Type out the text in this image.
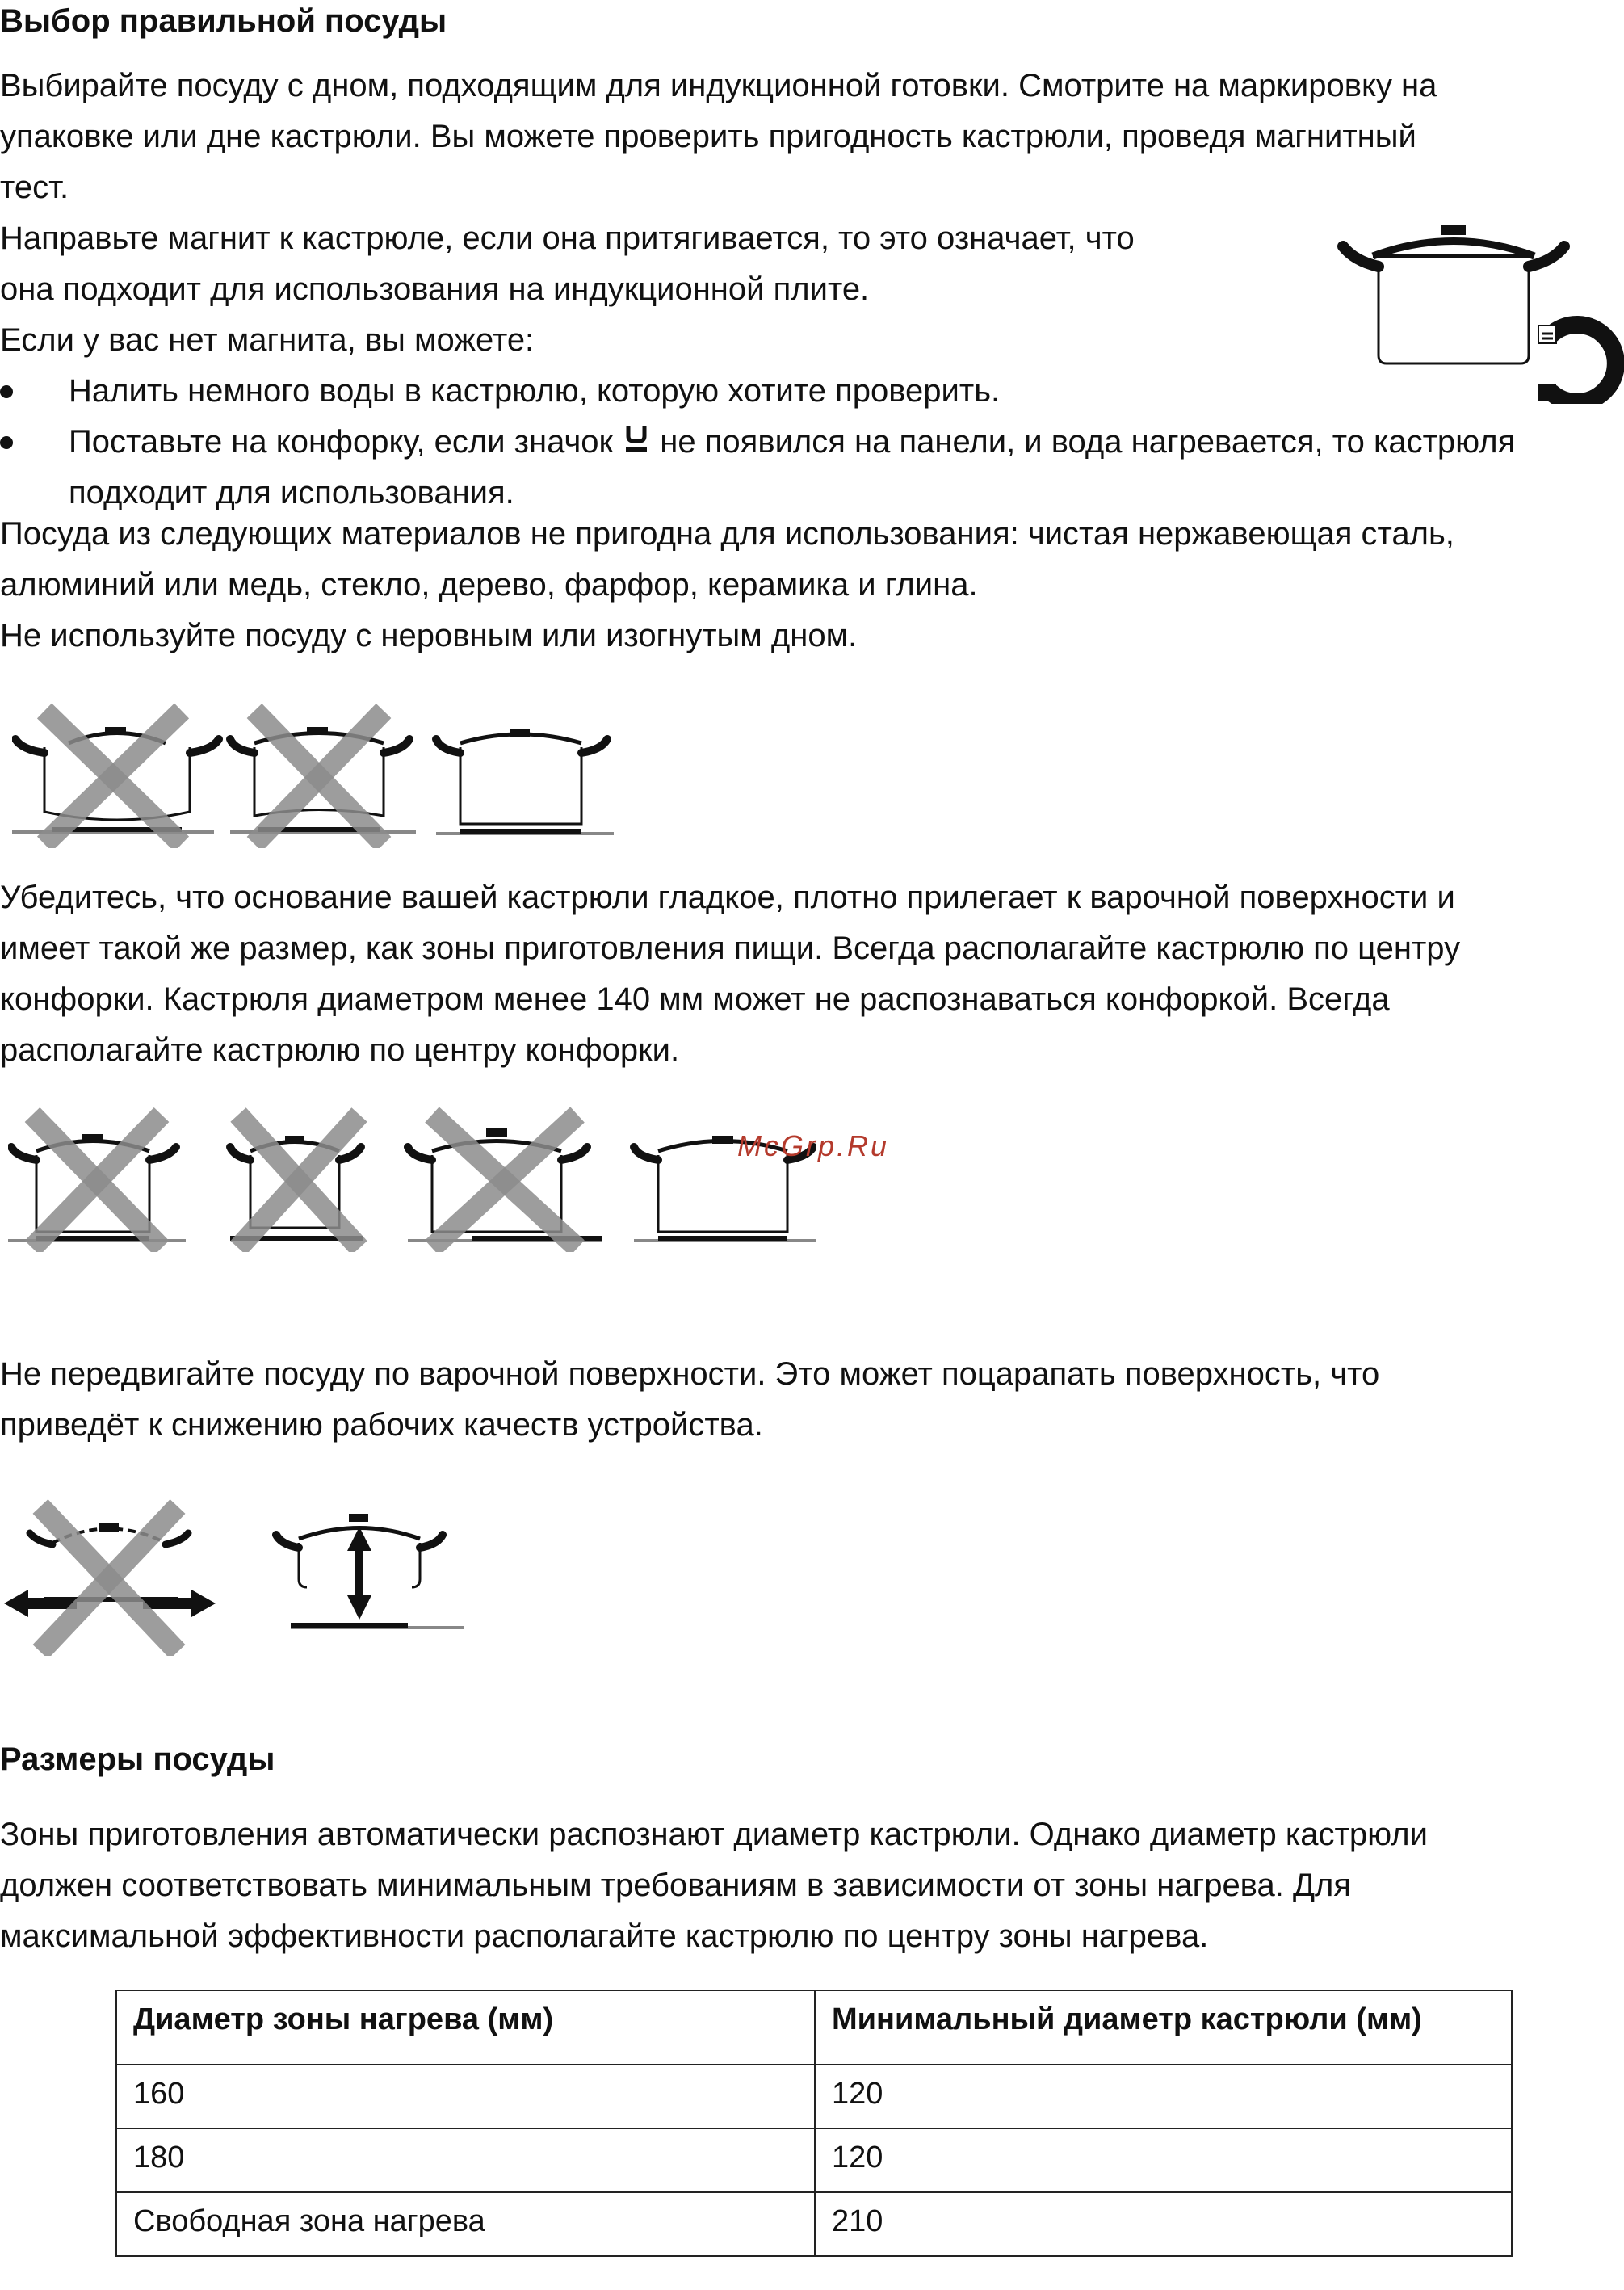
Выбор правильной посуды
Выбирайте посуду с дном, подходящим для индукционной готовки. Смотрите на маркировку на
упаковке или дне кастрюли. Вы можете проверить пригодность кастрюли, проведя магнитный
тест.
Направьте магнит к кастрюле, если она притягивается, то это означает, что
она подходит для использования на индукционной плите.
Если у вас нет магнита, вы можете:
Налить немного воды в кастрюлю, которую хотите проверить.
Поставьте на конфорку, если значок не появился на панели, и вода нагревается, то кастрюля
подходит для использования.
Посуда из следующих материалов не пригодна для использования: чистая нержавеющая сталь,
алюминий или медь, стекло, дерево, фарфор, керамика и глина.
Не используйте посуду с неровным или изогнутым дном.
Убедитесь, что основание вашей кастрюли гладкое, плотно прилегает к варочной поверхности и
имеет такой же размер, как зоны приготовления пищи. Всегда располагайте кастрюлю по центру
конфорки. Кастрюля диаметром менее 140 мм может не распознаваться конфоркой. Всегда
располагайте кастрюлю по центру конфорки.
McGrp.Ru
Не передвигайте посуду по варочной поверхности. Это может поцарапать поверхность, что
приведёт к снижению рабочих качеств устройства.
Размеры посуды
Зоны приготовления автоматически распознают диаметр кастрюли. Однако диаметр кастрюли
должен соответствовать минимальным требованиям в зависимости от зоны нагрева. Для
максимальной эффективности располагайте кастрюлю по центру зоны нагрева.
Диаметр зоны нагрева (мм)	Минимальный диаметр кастрюли (мм)
160	120
180	120
Свободная зона нагрева	210
